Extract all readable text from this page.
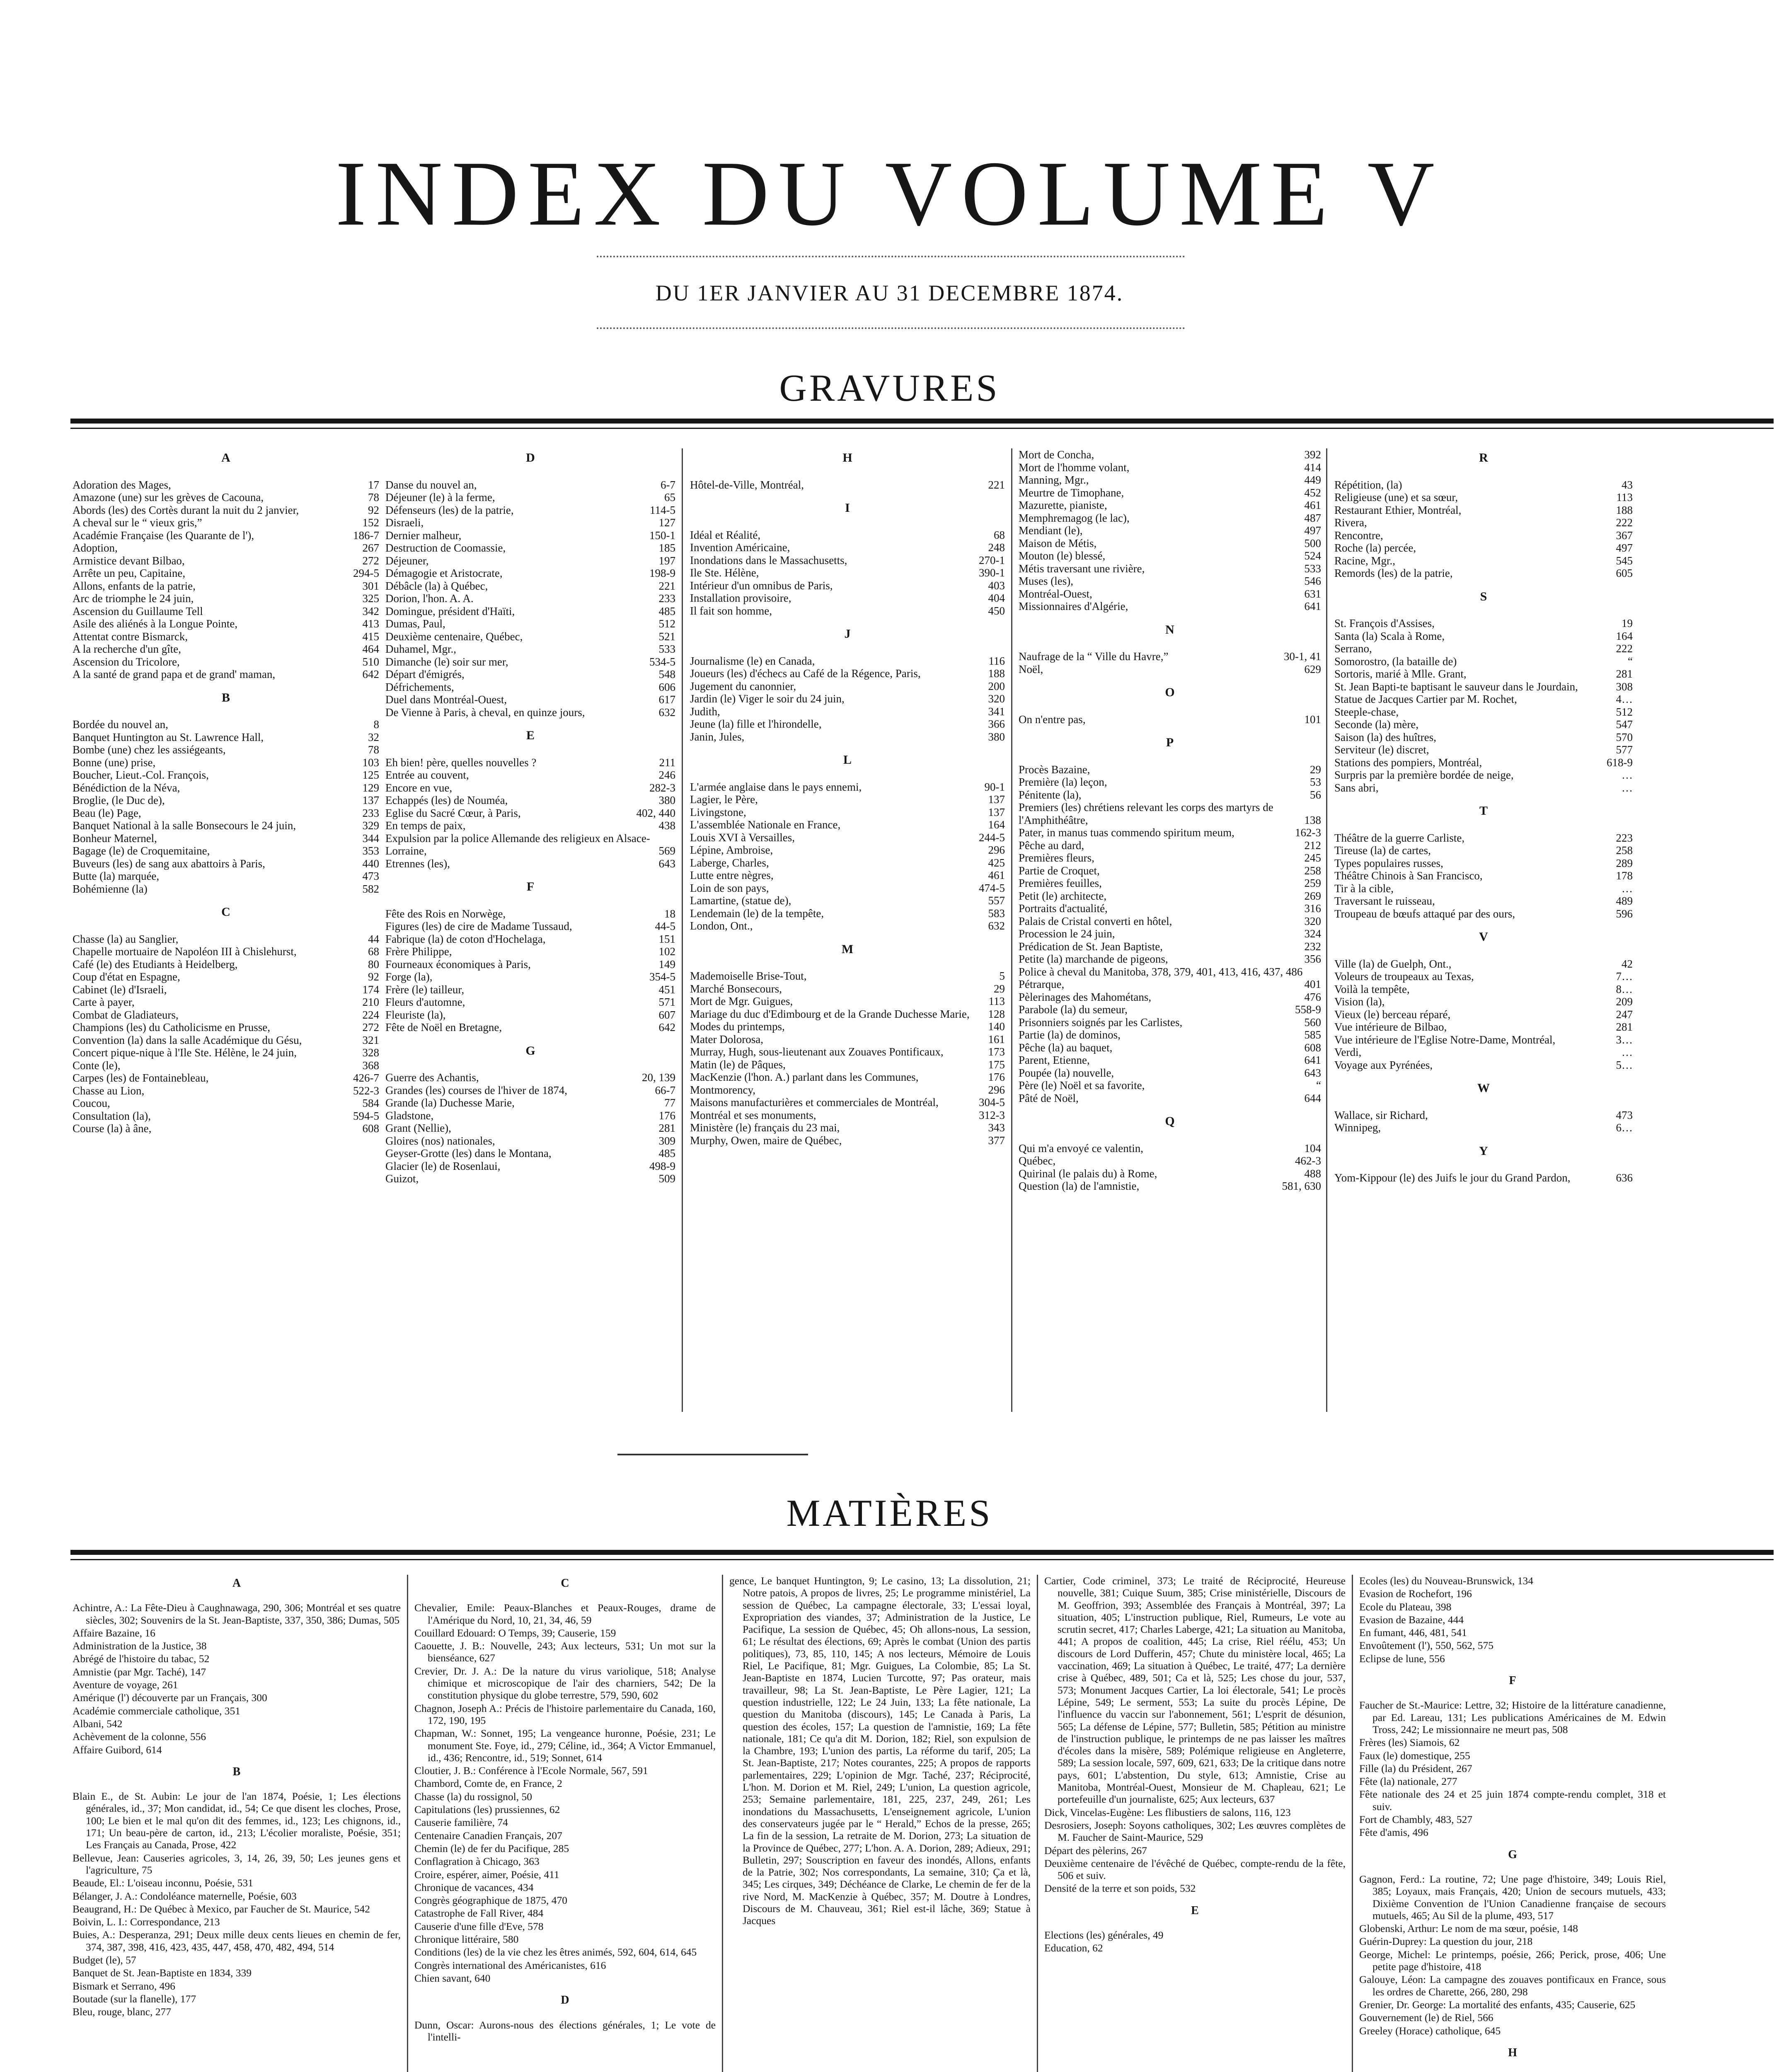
INDEX DU VOLUME V
DU 1ER JANVIER AU 31 DECEMBRE 1874.
GRAVURES
A
Adoration des Mages,	17
Amazone (une) sur les grèves de Cacouna,	78
Abords (les) des Cortès durant la nuit du 2 janvier,	92
A cheval sur le “ vieux gris,”	152
Académie Française (les Quarante de l'),	186-7
Adoption,	267
Armistice devant Bilbao,	272
Arrête un peu, Capitaine,	294-5
Allons, enfants de la patrie,	301
Arc de triomphe le 24 juin,	325
Ascension du Guillaume Tell	342
Asile des aliénés à la Longue Pointe,	413
Attentat contre Bismarck,	415
A la recherche d'un gîte,	464
Ascension du Tricolore,	510
A la santé de grand papa et de grand' maman,	642
B
Bordée du nouvel an,	8
Banquet Huntington au St. Lawrence Hall,	32
Bombe (une) chez les assiégeants,	78
Bonne (une) prise,	103
Boucher, Lieut.-Col. François,	125
Bénédiction de la Néva,	129
Broglie, (le Duc de),	137
Beau (le) Page,	233
Banquet National à la salle Bonsecours le 24 juin,	329
Bonheur Maternel,	344
Bagage (le) de Croquemitaine,	353
Buveurs (les) de sang aux abattoirs à Paris,	440
Butte (la) marquée,	473
Bohémienne (la)	582
C
Chasse (la) au Sanglier,	44
Chapelle mortuaire de Napoléon III à Chislehurst,	68
Café (le) des Etudiants à Heidelberg,	80
Coup d'état en Espagne,	92
Cabinet (le) d'Israeli,	174
Carte à payer,	210
Combat de Gladiateurs,	224
Champions (les) du Catholicisme en Prusse,	272
Convention (la) dans la salle Académique du Gésu,	321
Concert pique-nique à l'Ile Ste. Hélène, le 24 juin,	328
Conte (le),	368
Carpes (les) de Fontainebleau,	426-7
Chasse au Lion,	522-3
Coucou,	584
Consultation (la),	594-5
Course (la) à âne,	608
D
Danse du nouvel an,	6-7
Déjeuner (le) à la ferme,	65
Défenseurs (les) de la patrie,	114-5
Disraeli,	127
Dernier malheur,	150-1
Destruction de Coomassie,	185
Déjeuner,	197
Démagogie et Aristocrate,	198-9
Débâcle (la) à Québec,	221
Dorion, l'hon. A. A.	233
Domingue, président d'Haïti,	485
Dumas, Paul,	512
Deuxième centenaire, Québec,	521
Duhamel, Mgr.,	533
Dimanche (le) soir sur mer,	534-5
Départ d'émigrés,	548
Défrichements,	606
Duel dans Montréal-Ouest,	617
De Vienne à Paris, à cheval, en quinze jours,	632
E
Eh bien! père, quelles nouvelles ?	211
Entrée au couvent,	246
Encore en vue,	282-3
Echappés (les) de Nouméa,	380
Eglise du Sacré Cœur, à Paris,	402, 440
En temps de paix,	438
Expulsion par la police Allemande des religieux en Alsace-Lorraine,	569
Etrennes (les),	643
F
Fête des Rois en Norwège,	18
Figures (les) de cire de Madame Tussaud,	44-5
Fabrique (la) de coton d'Hochelaga,	151
Frère Philippe,	102
Fourneaux économiques à Paris,	149
Forge (la),	354-5
Frère (le) tailleur,	451
Fleurs d'automne,	571
Fleuriste (la),	607
Fête de Noël en Bretagne,	642
G
Guerre des Achantis,	20, 139
Grandes (les) courses de l'hiver de 1874,	66-7
Grande (la) Duchesse Marie,	77
Gladstone,	176
Grant (Nellie),	281
Gloires (nos) nationales,	309
Geyser-Grotte (les) dans le Montana,	485
Glacier (le) de Rosenlaui,	498-9
Guizot,	509
H
Hôtel-de-Ville, Montréal,	221
I
Idéal et Réalité,	68
Invention Américaine,	248
Inondations dans le Massachusetts,	270-1
Ile Ste. Hélène,	390-1
Intérieur d'un omnibus de Paris,	403
Installation provisoire,	404
Il fait son homme,	450
J
Journalisme (le) en Canada,	116
Joueurs (les) d'échecs au Café de la Régence, Paris,	188
Jugement du canonnier,	200
Jardin (le) Viger le soir du 24 juin,	320
Judith,	341
Jeune (la) fille et l'hirondelle,	366
Janin, Jules,	380
L
L'armée anglaise dans le pays ennemi,	90-1
Lagier, le Père,	137
Livingstone,	137
L'assemblée Nationale en France,	164
Louis XVI à Versailles,	244-5
Lépine, Ambroise,	296
Laberge, Charles,	425
Lutte entre nègres,	461
Loin de son pays,	474-5
Lamartine, (statue de),	557
Lendemain (le) de la tempête,	583
London, Ont.,	632
M
Mademoiselle Brise-Tout,	5
Marché Bonsecours,	29
Mort de Mgr. Guigues,	113
Mariage du duc d'Edimbourg et de la Grande Duchesse Marie,	128
Modes du printemps,	140
Mater Dolorosa,	161
Murray, Hugh, sous-lieutenant aux Zouaves Pontificaux,	173
Matin (le) de Pâques,	175
MacKenzie (l'hon. A.) parlant dans les Communes,	176
Montmorency,	296
Maisons manufacturières et commerciales de Montréal,	304-5
Montréal et ses monuments,	312-3
Ministère (le) français du 23 mai,	343
Murphy, Owen, maire de Québec,	377
Mort de Concha,	392
Mort de l'homme volant,	414
Manning, Mgr.,	449
Meurtre de Timophane,	452
Mazurette, pianiste,	461
Memphremagog (le lac),	487
Mendiant (le),	497
Maison de Métis,	500
Mouton (le) blessé,	524
Métis traversant une rivière,	533
Muses (les),	546
Montréal-Ouest,	631
Missionnaires d'Algérie,	641
N
Naufrage de la “ Ville du Havre,”	30-1, 41
Noël,	629
O
On n'entre pas,	101
P
Procès Bazaine,	29
Première (la) leçon,	53
Pénitente (la),	56
Premiers (les) chrétiens relevant les corps des martyrs de l'Amphithéâtre,	138
Pater, in manus tuas commendo spiritum meum,	162-3
Pêche au dard,	212
Premières fleurs,	245
Partie de Croquet,	258
Premières feuilles,	259
Petit (le) architecte,	269
Portraits d'actualité,	316
Palais de Cristal converti en hôtel,	320
Procession le 24 juin,	324
Prédication de St. Jean Baptiste,	232
Petite (la) marchande de pigeons,	356
Police à cheval du Manitoba, 378, 379, 401, 413, 416, 437, 486
Pétrarque,	401
Pèlerinages des Mahométans,	476
Parabole (la) du semeur,	558-9
Prisonniers soignés par les Carlistes,	560
Partie (la) de dominos,	585
Pêche (la) au baquet,	608
Parent, Etienne,	641
Poupée (la) nouvelle,	643
Père (le) Noël et sa favorite,	“
Pâté de Noël,	644
Q
Qui m'a envoyé ce valentin,	104
Québec,	462-3
Quirinal (le palais du) à Rome,	488
Question (la) de l'amnistie,	581, 630
R
Répétition, (la)	43
Religieuse (une) et sa sœur,	113
Restaurant Ethier, Montréal,	188
Rivera,	222
Rencontre,	367
Roche (la) percée,	497
Racine, Mgr.,	545
Remords (les) de la patrie,	605
S
St. François d'Assises,	19
Santa (la) Scala à Rome,	164
Serrano,	222
Somorostro, (la bataille de)	“
Sortoris, marié à Mlle. Grant,	281
St. Jean Bapti-te baptisant le sauveur dans le Jourdain,	308
Statue de Jacques Cartier par M. Rochet,	4…
Steeple-chase,	512
Seconde (la) mère,	547
Saison (la) des huîtres,	570
Serviteur (le) discret,	577
Stations des pompiers, Montréal,	618-9
Surpris par la première bordée de neige,	…
Sans abri,	…
T
Théâtre de la guerre Carliste,	223
Tireuse (la) de cartes,	258
Types populaires russes,	289
Théâtre Chinois à San Francisco,	178
Tir à la cible,	…
Traversant le ruisseau,	489
Troupeau de bœufs attaqué par des ours,	596
V
Ville (la) de Guelph, Ont.,	42
Voleurs de troupeaux au Texas,	7…
Voilà la tempête,	8…
Vision (la),	209
Vieux (le) berceau réparé,	247
Vue intérieure de Bilbao,	281
Vue intérieure de l'Eglise Notre-Dame, Montréal,	3…
Verdi,	…
Voyage aux Pyrénées,	5…
W
Wallace, sir Richard,	473
Winnipeg,	6…
Y
Yom-Kippour (le) des Juifs le jour du Grand Pardon,	636
MATIÈRES
A
Achintre, A.: La Fête-Dieu à Caughnawaga, 290, 306; Montréal et ses quatre siècles, 302; Souvenirs de la St. Jean-Baptiste, 337, 350, 386; Dumas, 505
Affaire Bazaine, 16
Administration de la Justice, 38
Abrégé de l'histoire du tabac, 52
Amnistie (par Mgr. Taché), 147
Aventure de voyage, 261
Amérique (l') découverte par un Français, 300
Académie commerciale catholique, 351
Albani, 542
Achèvement de la colonne, 556
Affaire Guibord, 614
B
Blain E., de St. Aubin: Le jour de l'an 1874, Poésie, 1; Les élections générales, id., 37; Mon candidat, id., 54; Ce que disent les cloches, Prose, 100; Le bien et le mal qu'on dit des femmes, id., 123; Les chignons, id., 171; Un beau-père de carton, id., 213; L'écolier moraliste, Poésie, 351; Les Français au Canada, Prose, 422
Bellevue, Jean: Causeries agricoles, 3, 14, 26, 39, 50; Les jeunes gens et l'agriculture, 75
Beaude, El.: L'oiseau inconnu, Poésie, 531
Bélanger, J. A.: Condoléance maternelle, Poésie, 603
Beaugrand, H.: De Québec à Mexico, par Faucher de St. Maurice, 542
Boivin, L. I.: Correspondance, 213
Buies, A.: Desperanza, 291; Deux mille deux cents lieues en chemin de fer, 374, 387, 398, 416, 423, 435, 447, 458, 470, 482, 494, 514
Budget (le), 57
Banquet de St. Jean-Baptiste en 1834, 339
Bismark et Serrano, 496
Boutade (sur la flanelle), 177
Bleu, rouge, blanc, 277
C
Chevalier, Emile: Peaux-Blanches et Peaux-Rouges, drame de l'Amérique du Nord, 10, 21, 34, 46, 59
Couillard Edouard: O Temps, 39; Causerie, 159
Caouette, J. B.: Nouvelle, 243; Aux lecteurs, 531; Un mot sur la bienséance, 627
Crevier, Dr. J. A.: De la nature du virus variolique, 518; Analyse chimique et microscopique de l'air des charniers, 542; De la constitution physique du globe terrestre, 579, 590, 602
Chagnon, Joseph A.: Précis de l'histoire parlementaire du Canada, 160, 172, 190, 195
Chapman, W.: Sonnet, 195; La vengeance huronne, Poésie, 231; Le monument Ste. Foye, id., 279; Céline, id., 364; A Victor Emmanuel, id., 436; Rencontre, id., 519; Sonnet, 614
Cloutier, J. B.: Conférence à l'Ecole Normale, 567, 591
Chambord, Comte de, en France, 2
Chasse (la) du rossignol, 50
Capitulations (les) prussiennes, 62
Causerie familière, 74
Centenaire Canadien Français, 207
Chemin (le) de fer du Pacifique, 285
Conflagration à Chicago, 363
Croire, espérer, aimer, Poésie, 411
Chronique de vacances, 434
Congrès géographique de 1875, 470
Catastrophe de Fall River, 484
Causerie d'une fille d'Eve, 578
Chronique littéraire, 580
Conditions (les) de la vie chez les êtres animés, 592, 604, 614, 645
Congrès international des Américanistes, 616
Chien savant, 640
D
Dunn, Oscar: Aurons-nous des élections générales, 1; Le vote de l'intelli-
gence, Le banquet Huntington, 9; Le casino, 13; La dissolution, 21; Notre patois, A propos de livres, 25; Le programme ministériel, La session de Québec, La campagne électorale, 33; L'essai loyal, Expropriation des viandes, 37; Administration de la Justice, Le Pacifique, La session de Québec, 45; Oh allons-nous, La session, 61; Le résultat des élections, 69; Après le combat (Union des partis politiques), 73, 85, 110, 145; A nos lecteurs, Mémoire de Louis Riel, Le Pacifique, 81; Mgr. Guigues, La Colombie, 85; La St. Jean-Baptiste en 1874, Lucien Turcotte, 97; Pas orateur, mais travailleur, 98; La St. Jean-Baptiste, Le Père Lagier, 121; La question industrielle, 122; Le 24 Juin, 133; La fête nationale, La question du Manitoba (discours), 145; Le Canada à Paris, La question des écoles, 157; La question de l'amnistie, 169; La fête nationale, 181; Ce qu'a dit M. Dorion, 182; Riel, son expulsion de la Chambre, 193; L'union des partis, La réforme du tarif, 205; La St. Jean-Baptiste, 217; Notes courantes, 225; A propos de rapports parlementaires, 229; L'opinion de Mgr. Taché, 237; Réciprocité, L'hon. M. Dorion et M. Riel, 249; L'union, La question agricole, 253; Semaine parlementaire, 181, 225, 237, 249, 261; Les inondations du Massachusetts, L'enseignement agricole, L'union des conservateurs jugée par le “ Herald,” Echos de la presse, 265; La fin de la session, La retraite de M. Dorion, 273; La situation de la Province de Québec, 277; L'hon. A. A. Dorion, 289; Adieux, 291; Bulletin, 297; Souscription en faveur des inondés, Allons, enfants de la Patrie, 302; Nos correspondants, La semaine, 310; Ça et là, 345; Les cirques, 349; Déchéance de Clarke, Le chemin de fer de la rive Nord, M. MacKenzie à Québec, 357; M. Doutre à Londres, Discours de M. Chauveau, 361; Riel est-il lâche, 369; Statue à Jacques
Cartier, Code criminel, 373; Le traité de Réciprocité, Heureuse nouvelle, 381; Cuique Suum, 385; Crise ministérielle, Discours de M. Geoffrion, 393; Assemblée des Français à Montréal, 397; La situation, 405; L'instruction publique, Riel, Rumeurs, Le vote au scrutin secret, 417; Charles Laberge, 421; La situation au Manitoba, 441; A propos de coalition, 445; La crise, Riel réélu, 453; Un discours de Lord Dufferin, 457; Chute du ministère local, 465; La vaccination, 469; La situation à Québec, Le traité, 477; La dernière crise à Québec, 489, 501; Ca et là, 525; Les chose du jour, 537, 573; Monument Jacques Cartier, La loi électorale, 541; Le procès Lépine, 549; Le serment, 553; La suite du procès Lépine, De l'influence du vaccin sur l'abonnement, 561; L'esprit de désunion, 565; La défense de Lépine, 577; Bulletin, 585; Pétition au ministre de l'instruction publique, le printemps de ne pas laisser les maîtres d'écoles dans la misère, 589; Polémique religieuse en Angleterre, 589; La session locale, 597, 609, 621, 633; De la critique dans notre pays, 601; L'abstention, Du style, 613; Amnistie, Crise au Manitoba, Montréal-Ouest, Monsieur de M. Chapleau, 621; Le portefeuille d'un journaliste, 625; Aux lecteurs, 637
Dick, Vincelas-Eugène: Les flibustiers de salons, 116, 123
Desrosiers, Joseph: Soyons catholiques, 302; Les œuvres complètes de M. Faucher de Saint-Maurice, 529
Départ des pèlerins, 267
Deuxième centenaire de l'évêché de Québec, compte-rendu de la fête, 506 et suiv.
Densité de la terre et son poids, 532
E
Elections (les) générales, 49
Education, 62
Ecoles (les) du Nouveau-Brunswick, 134
Evasion de Rochefort, 196
Ecole du Plateau, 398
Evasion de Bazaine, 444
En fumant, 446, 481, 541
Envoûtement (l'), 550, 562, 575
Eclipse de lune, 556
F
Faucher de St.-Maurice: Lettre, 32; Histoire de la littérature canadienne, par Ed. Lareau, 131; Les publications Américaines de M. Edwin Tross, 242; Le missionnaire ne meurt pas, 508
Frères (les) Siamois, 62
Faux (le) domestique, 255
Fille (la) du Président, 267
Fête (la) nationale, 277
Fête nationale des 24 et 25 juin 1874 compte-rendu complet, 318 et suiv.
Fort de Chambly, 483, 527
Fête d'amis, 496
G
Gagnon, Ferd.: La routine, 72; Une page d'histoire, 349; Louis Riel, 385; Loyaux, mais Français, 420; Union de secours mutuels, 433; Dixième Convention de l'Union Canadienne française de secours mutuels, 465; Au Sil de la plume, 493, 517
Globenski, Arthur: Le nom de ma sœur, poésie, 148
Guérin-Duprey: La question du jour, 218
George, Michel: Le printemps, poésie, 266; Perick, prose, 406; Une petite page d'histoire, 418
Galouye, Léon: La campagne des zouaves pontificaux en France, sous les ordres de Charette, 266, 280, 298
Grenier, Dr. George: La mortalité des enfants, 435; Causerie, 625
Gouvernement (le) de Riel, 566
Greeley (Horace) catholique, 645
H
